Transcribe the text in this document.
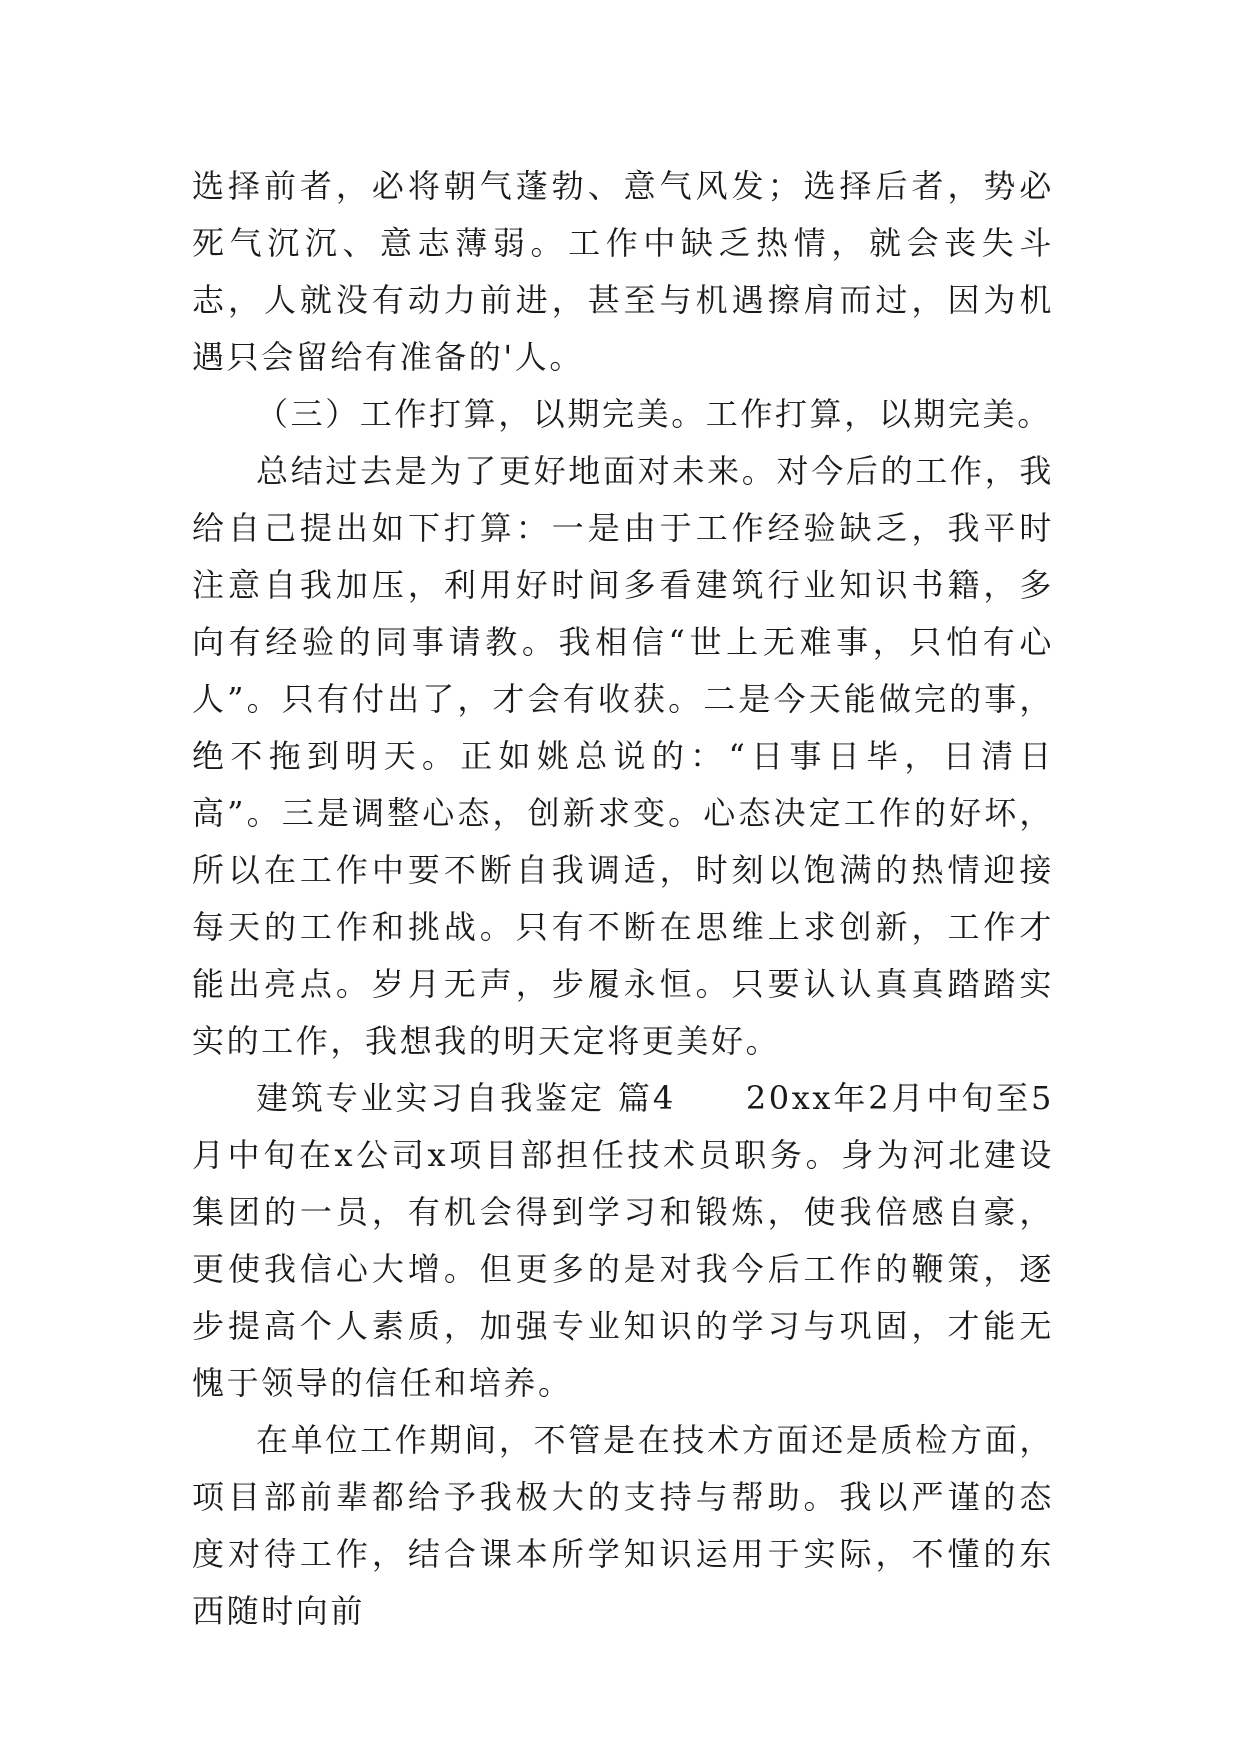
选择前者，必将朝气蓬勃、意气风发；选择后者，势必死气沉沉、意志薄弱。工作中缺乏热情，就会丧失斗志，人就没有动力前进，甚至与机遇擦肩而过，因为机遇只会留给有准备的'人。

（三）工作打算，以期完美。工作打算，以期完美。

总结过去是为了更好地面对未来。对今后的工作，我给自己提出如下打算：一是由于工作经验缺乏，我平时注意自我加压，利用好时间多看建筑行业知识书籍，多向有经验的同事请教。我相信“世上无难事，只怕有心人”。只有付出了，才会有收获。二是今天能做完的事，绝不拖到明天。正如姚总说的：“日事日毕，日清日高”。三是调整心态，创新求变。心态决定工作的好坏，所以在工作中要不断自我调适，时刻以饱满的热情迎接每天的工作和挑战。只有不断在思维上求创新，工作才能出亮点。岁月无声，步履永恒。只要认认真真踏踏实实的工作，我想我的明天定将更美好。

建筑专业实习自我鉴定 篇4　　20xx年2月中旬至5月中旬在x公司x项目部担任技术员职务。身为河北建设集团的一员，有机会得到学习和锻炼，使我倍感自豪，更使我信心大增。但更多的是对我今后工作的鞭策，逐步提高个人素质，加强专业知识的学习与巩固，才能无愧于领导的信任和培养。

在单位工作期间，不管是在技术方面还是质检方面，项目部前辈都给予我极大的支持与帮助。我以严谨的态度对待工作，结合课本所学知识运用于实际，不懂的东西随时向前
